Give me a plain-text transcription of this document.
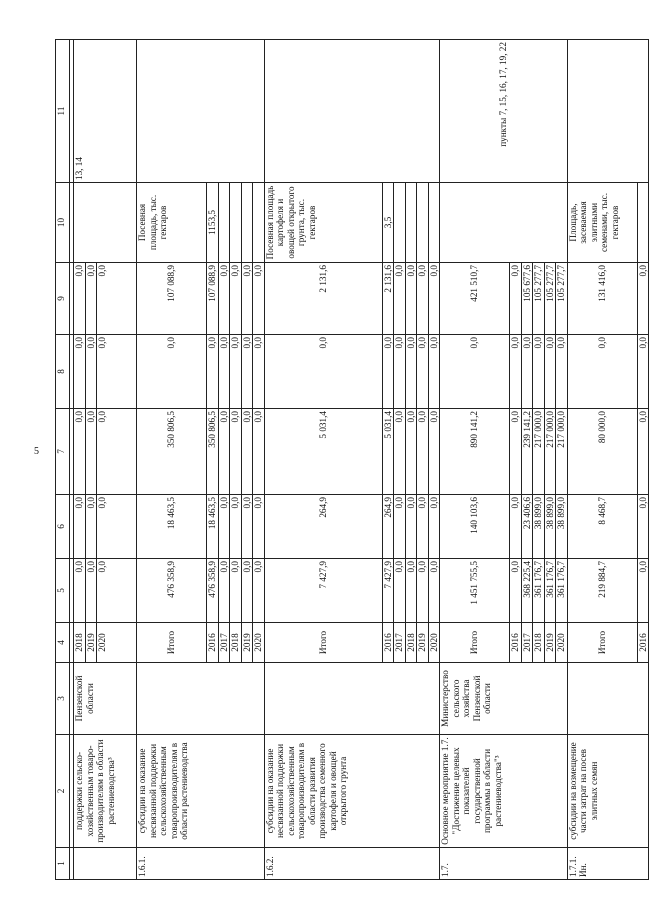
5
1	2	3	4	5	6	7	8	9	10	11

	поддержки сельско-хозяйственным товаро-производителям в области растениеводства³	Пензенской области	2018	0,0	0,0	0,0	0,0	0,0		13, 14
			2019	0,0	0,0	0,0	0,0	0,0		
			2020	0,0	0,0	0,0	0,0	0,0		
1.6.1.	субсидии на оказание несвязанной поддержки сельскохозяйственным товаропроизводителям в области растениеводства		Итого	476 358,9	18 463,5	350 806,5	0,0	107 088,9	Посевная площадь, тыс. гектаров	
			2016	476 358,9	18 463,5	350 806,5	0,0	107 088,9	1153,5	
			2017	0,0	0,0	0,0	0,0	0,0		
			2018	0,0	0,0	0,0	0,0	0,0		
			2019	0,0	0,0	0,0	0,0	0,0		
			2020	0,0	0,0	0,0	0,0	0,0		
1.6.2.	субсидии на оказание несвязанной поддержки сельскохозяйственным товаропроизводителям в области развития производства семенного картофеля и овощей открытого грунта		Итого	7 427,9	264,9	5 031,4	0,0	2 131,6	Посевная площадь картофеля и овощей открытого грунта, тыс. гектаров	
			2016	7 427,9	264,9	5 031,4	0,0	2 131,6	3,5	
			2017	0,0	0,0	0,0	0,0	0,0		
			2018	0,0	0,0	0,0	0,0	0,0		
			2019	0,0	0,0	0,0	0,0	0,0		
			2020	0,0	0,0	0,0	0,0	0,0		
1.7.	Основное мероприятие 1.7. "Достижение целевых показателей государственной программы в области растениеводства"³	Министерство сельского хозяйства Пензенской области	Итого	1 451 755,5	140 103,6	890 141,2	0,0	421 510,7		пункты 7, 15, 16, 17, 19, 22
			2016	0,0	0,0	0,0	0,0	0,0		
			2017	368 225,4	23 406,6	239 141,2	0,0	105 677,6		
			2018	361 176,7	38 899,0	217 000,0	0,0	105 277,7		
			2019	361 176,7	38 899,0	217 000,0	0,0	105 277,7		
			2020	361 176,7	38 899,0	217 000,0	0,0	105 277,7		
1.7.1. Ин.	субсидии на возмещение части затрат на посев элитных семян		Итого	219 884,7	8 468,7	80 000,0	0,0	131 416,0	Площадь, засеваемая элитными семенами, тыс. гектаров	
			2016	0,0	0,0	0,0	0,0	0,0		
